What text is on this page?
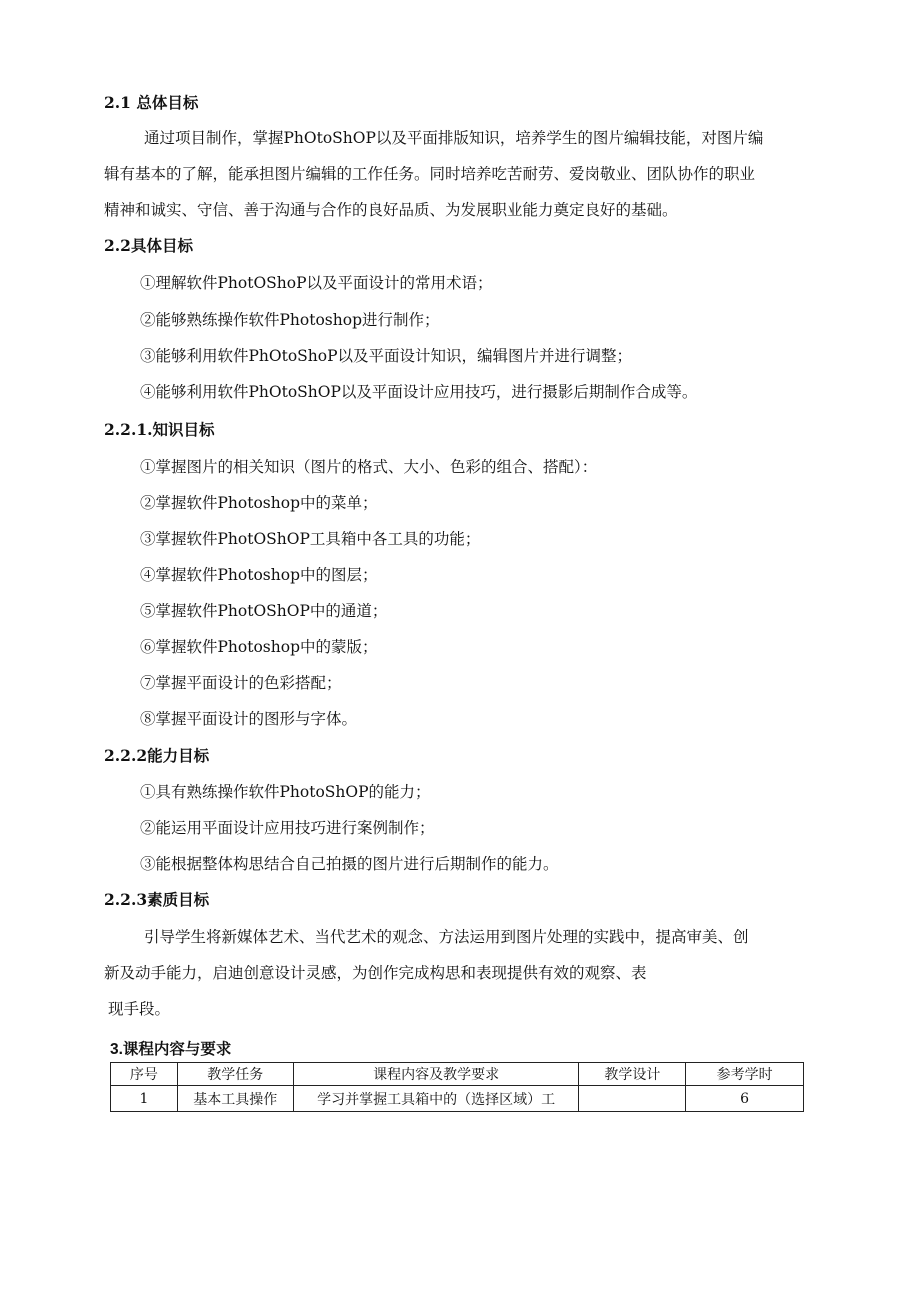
2.1 总体目标
通过项目制作，掌握PhOtoShOP以及平面排版知识，培养学生的图片编辑技能，对图片编
辑有基本的了解，能承担图片编辑的工作任务。同时培养吃苦耐劳、爱岗敬业、团队协作的职业
精神和诚实、守信、善于沟通与合作的良好品质、为发展职业能力奠定良好的基础。
2.2具体目标
①理解软件PhotOShoP以及平面设计的常用术语；
②能够熟练操作软件Photoshop进行制作；
③能够利用软件PhOtoShoP以及平面设计知识，编辑图片并进行调整；
④能够利用软件PhOtoShOP以及平面设计应用技巧，进行摄影后期制作合成等。
2.2.1.知识目标
①掌握图片的相关知识（图片的格式、大小、色彩的组合、搭配）：
②掌握软件Photoshop中的菜单；
③掌握软件PhotOShOP工具箱中各工具的功能；
④掌握软件Photoshop中的图层；
⑤掌握软件PhotOShOP中的通道；
⑥掌握软件Photoshop中的蒙版；
⑦掌握平面设计的色彩搭配；
⑧掌握平面设计的图形与字体。
2.2.2能力目标
①具有熟练操作软件PhotoShOP的能力；
②能运用平面设计应用技巧进行案例制作；
③能根据整体构思结合自己拍摄的图片进行后期制作的能力。
2.2.3素质目标
引导学生将新媒体艺术、当代艺术的观念、方法运用到图片处理的实践中，提高审美、创
新及动手能力，启迪创意设计灵感，为创作完成构思和表现提供有效的观察、表
现手段。
3.课程内容与要求
序号	教学任务	课程内容及教学要求	教学设计	参考学时
1	基本工具操作	学习并掌握工具箱中的（选择区域）工		6
